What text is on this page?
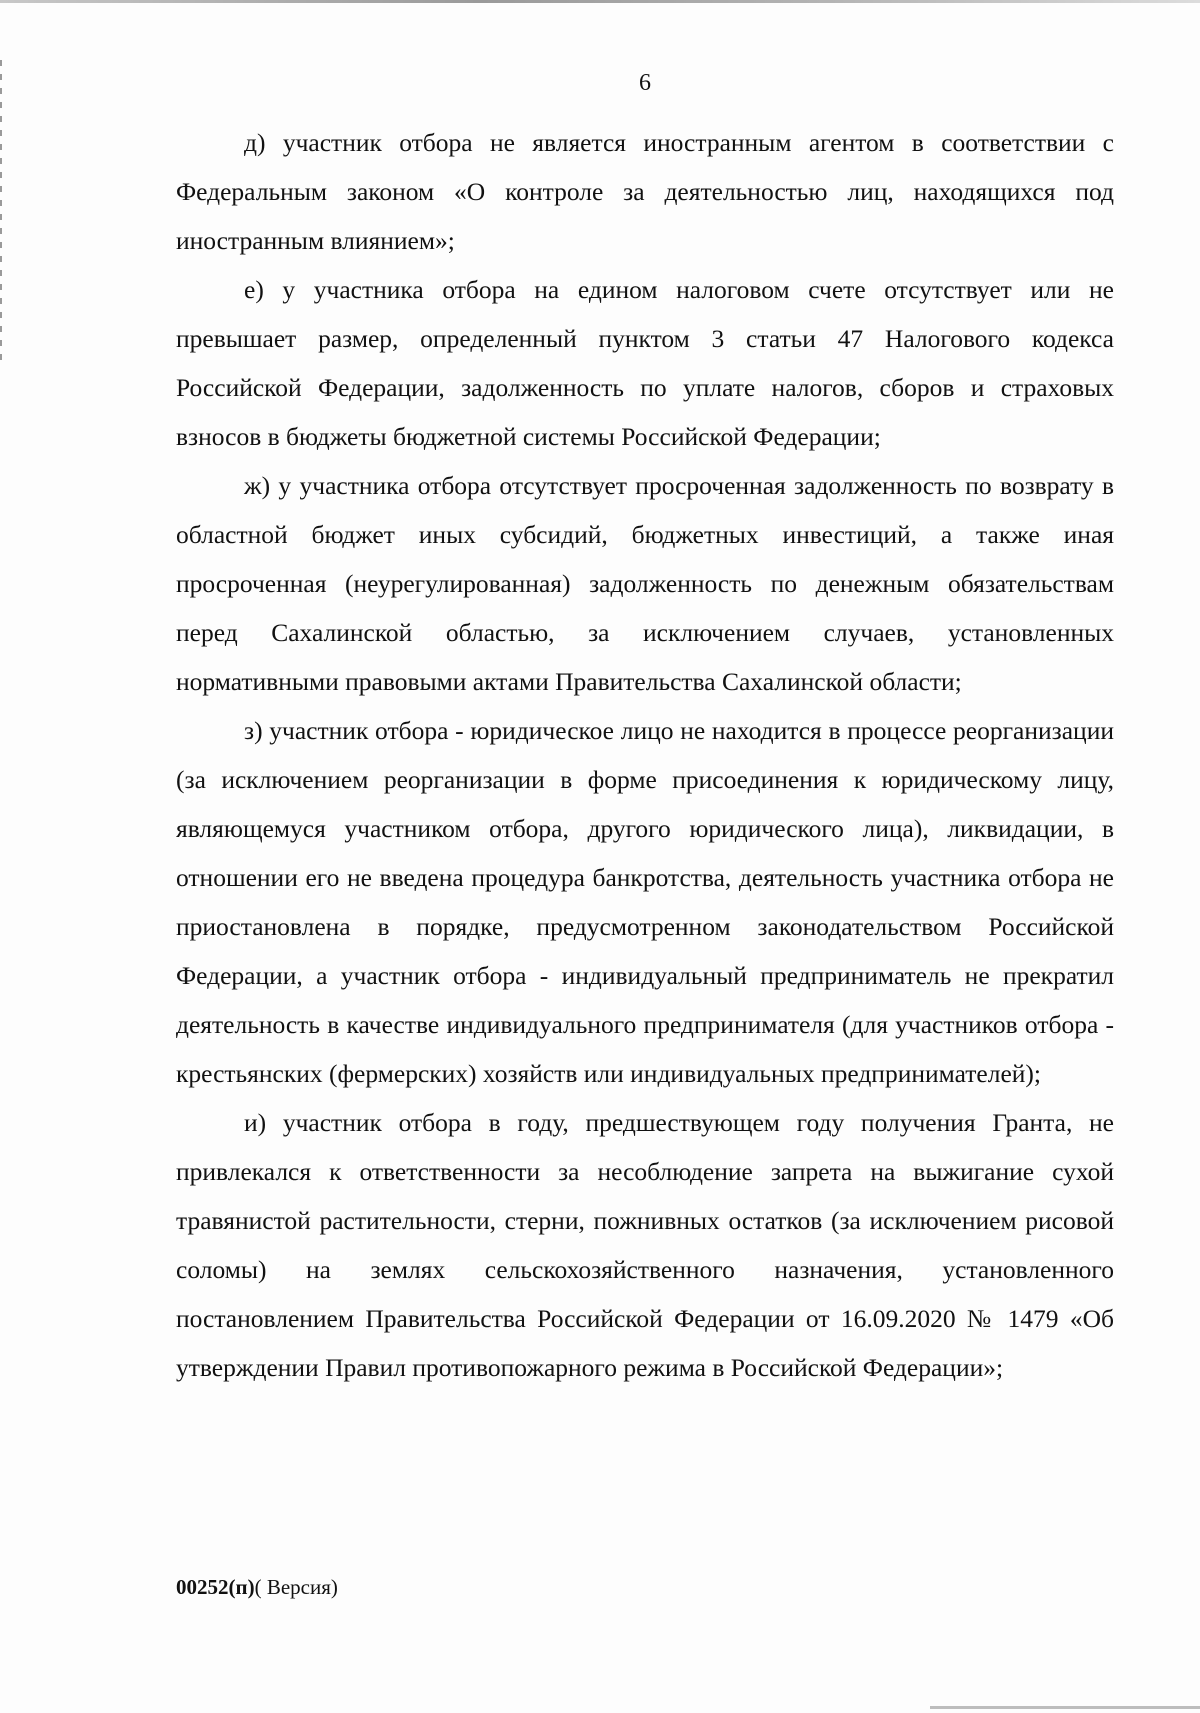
6

д) участник отбора не является иностранным агентом в соответствии с Федеральным законом «О контроле за деятельностью лиц, находящихся под иностранным влиянием»;

е) у участника отбора на едином налоговом счете отсутствует или не превышает размер, определенный пунктом 3 статьи 47 Налогового кодекса Российской Федерации, задолженность по уплате налогов, сборов и страховых взносов в бюджеты бюджетной системы Российской Федерации;

ж) у участника отбора отсутствует просроченная задолженность по возврату в областной бюджет иных субсидий, бюджетных инвестиций, а также иная просроченная (неурегулированная) задолженность по денежным обязательствам перед Сахалинской областью, за исключением случаев, установленных нормативными правовыми актами Правительства Сахалинской области;

з) участник отбора - юридическое лицо не находится в процессе реорганизации (за исключением реорганизации в форме присоединения к юридическому лицу, являющемуся участником отбора, другого юридического лица), ликвидации, в отношении его не введена процедура банкротства, деятельность участника отбора не приостановлена в порядке, предусмотренном законодательством Российской Федерации, а участник отбора - индивидуальный предприниматель не прекратил деятельность в качестве индивидуального предпринимателя (для участников отбора - крестьянских (фермерских) хозяйств или индивидуальных предпринимателей);

и) участник отбора в году, предшествующем году получения Гранта, не привлекался к ответственности за несоблюдение запрета на выжигание сухой травянистой растительности, стерни, пожнивных остатков (за исключением рисовой соломы) на землях сельскохозяйственного назначения, установленного постановлением Правительства Российской Федерации от 16.09.2020 № 1479 «Об утверждении Правил противопожарного режима в Российской Федерации»;

00252(п)( Версия)
